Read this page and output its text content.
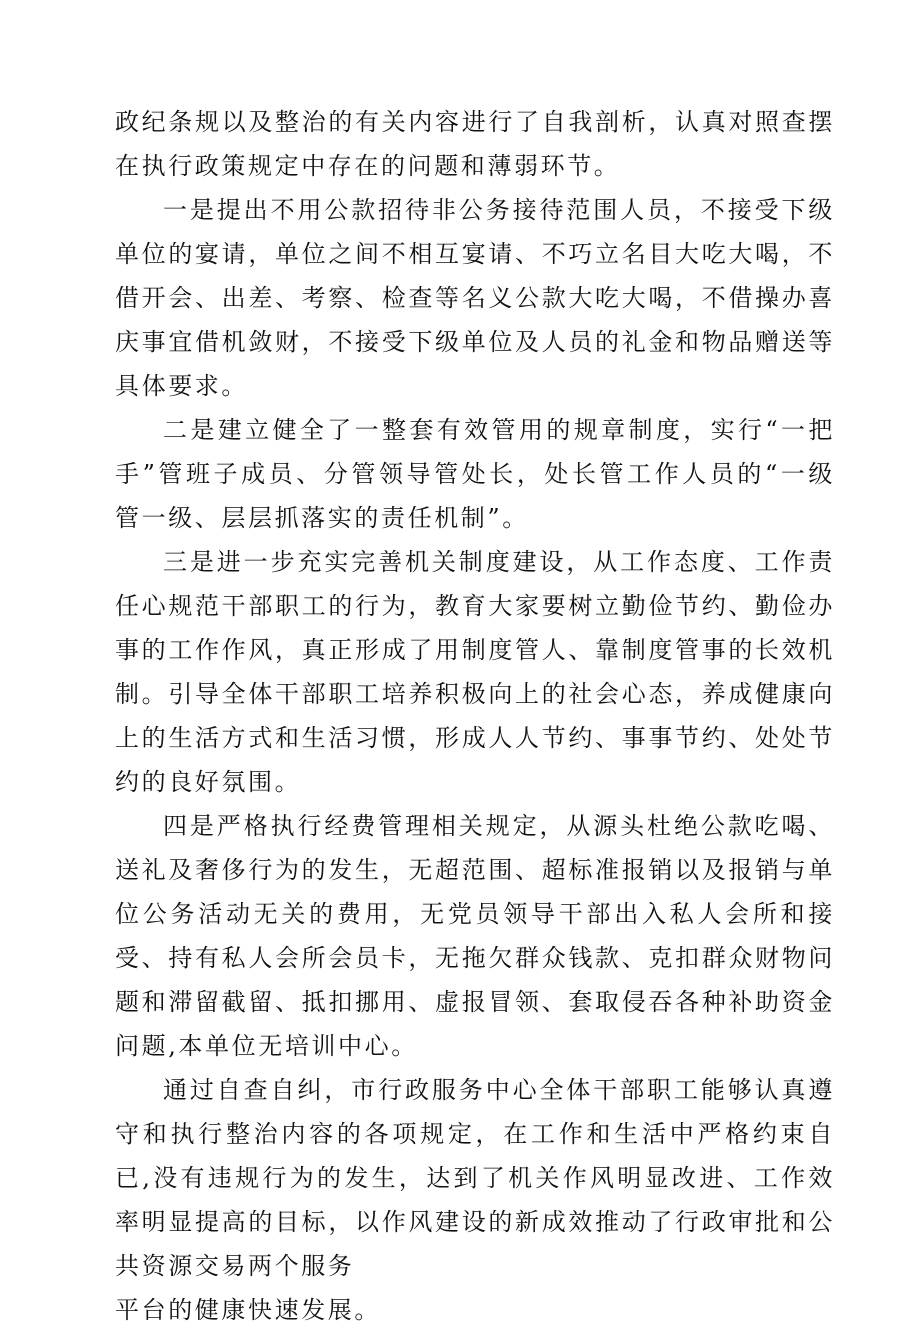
政纪条规以及整治的有关内容进行了自我剖析，认真对照查摆在执行政策规定中存在的问题和薄弱环节。

一是提出不用公款招待非公务接待范围人员，不接受下级单位的宴请，单位之间不相互宴请、不巧立名目大吃大喝，不借开会、出差、考察、检查等名义公款大吃大喝，不借操办喜庆事宜借机敛财，不接受下级单位及人员的礼金和物品赠送等具体要求。

二是建立健全了一整套有效管用的规章制度，实行“一把手”管班子成员、分管领导管处长，处长管工作人员的“一级管一级、层层抓落实的责任机制”。

三是进一步充实完善机关制度建设，从工作态度、工作责任心规范干部职工的行为，教育大家要树立勤俭节约、勤俭办事的工作作风，真正形成了用制度管人、靠制度管事的长效机制。引导全体干部职工培养积极向上的社会心态，养成健康向上的生活方式和生活习惯，形成人人节约、事事节约、处处节约的良好氛围。

四是严格执行经费管理相关规定，从源头杜绝公款吃喝、送礼及奢侈行为的发生，无超范围、超标准报销以及报销与单位公务活动无关的费用，无党员领导干部出入私人会所和接受、持有私人会所会员卡，无拖欠群众钱款、克扣群众财物问题和滞留截留、抵扣挪用、虚报冒领、套取侵吞各种补助资金问题,本单位无培训中心。

通过自查自纠，市行政服务中心全体干部职工能够认真遵守和执行整治内容的各项规定，在工作和生活中严格约束自已,没有违规行为的发生，达到了机关作风明显改进、工作效率明显提高的目标，以作风建设的新成效推动了行政审批和公共资源交易两个服务

平台的健康快速发展。
